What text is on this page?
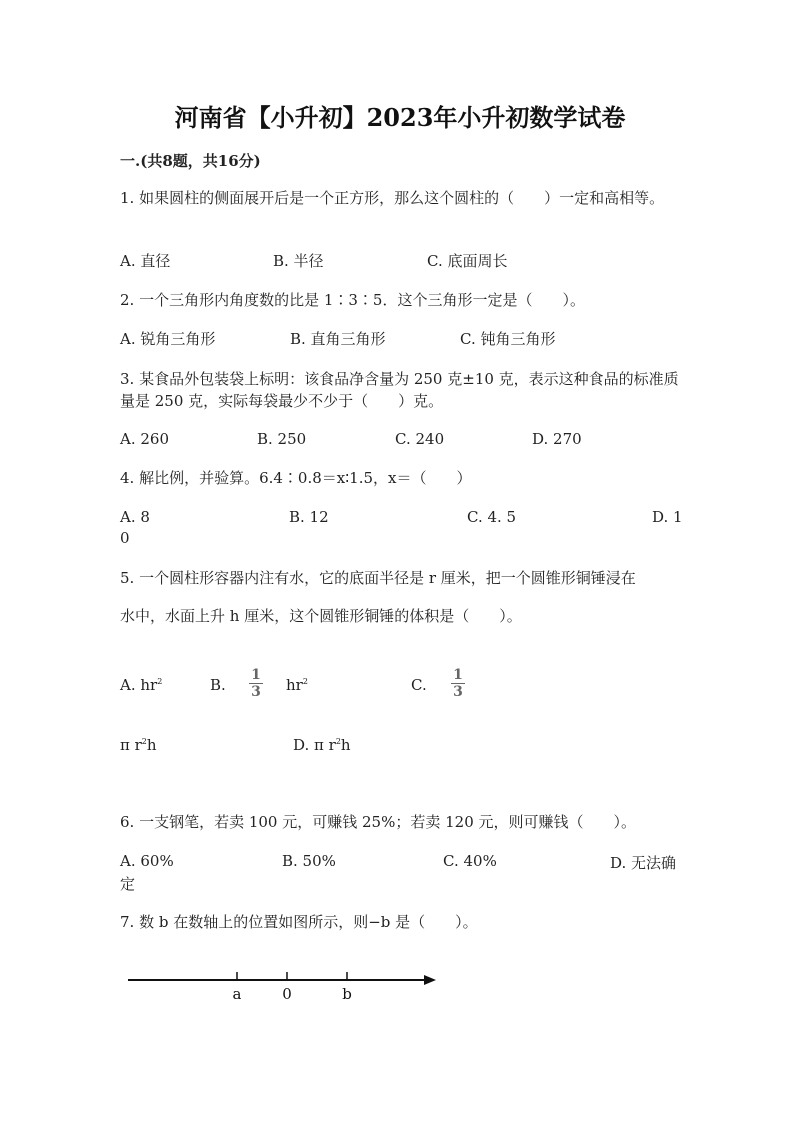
河南省【小升初】2023年小升初数学试卷
一.(共8题，共16分)
1. 如果圆柱的侧面展开后是一个正方形，那么这个圆柱的（　　）一定和高相等。
A. 直径	B. 半径	C. 底面周长
2. 一个三角形内角度数的比是 1∶3∶5．这个三角形一定是（　　）。
A. 锐角三角形	B. 直角三角形	C. 钝角三角形
3. 某食品外包装袋上标明：该食品净含量为 250 克±10 克，表示这种食品的标准质量是 250 克，实际每袋最少不少于（　　）克。
A. 260	B. 250	C. 240	D. 270
4. 解比例，并验算。6.4∶0.8＝x∶1.5，x＝（　　）
A. 8	B. 12	C. 4. 5	D. 1
0
5. 一个圆柱形容器内注有水，它的底面半径是 r 厘米，把一个圆锥形铜锤浸在
水中，水面上升 h 厘米，这个圆锥形铜锤的体积是（　　）。
A. $hr^2$	B.
1
3 $hr^2$	C.
1
3
π $r^2h$	D. π $r^2h$
6. 一支钢笔，若卖 100 元，可赚钱 25%；若卖 120 元，则可赚钱（　　）。
A. 60%	B. 50%	C. 40%	D. 无法确
定
7. 数 b 在数轴上的位置如图所示，则−b 是（　　）。
a	0	b
